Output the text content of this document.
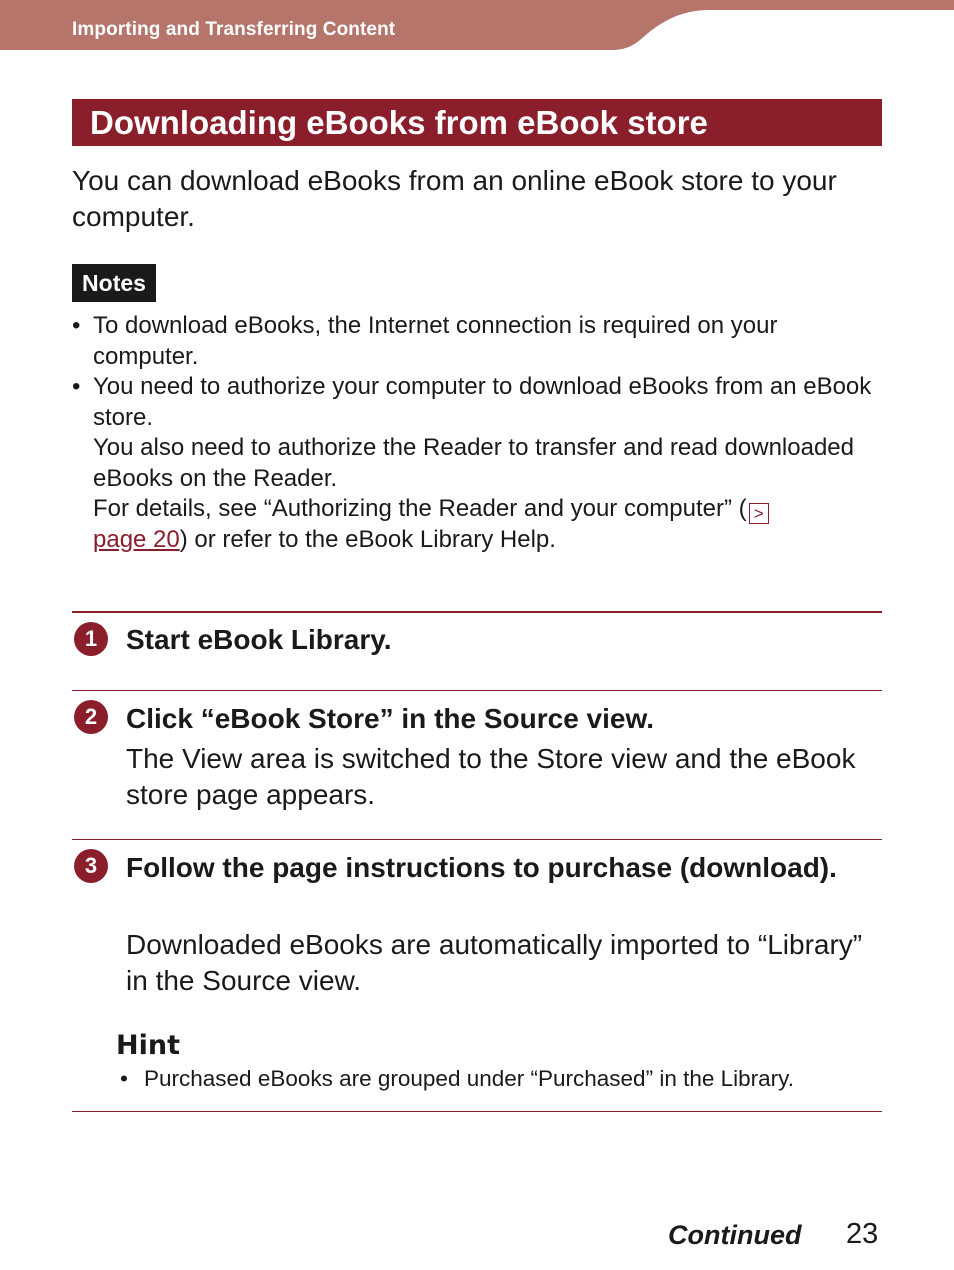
Importing and Transferring Content
Downloading eBooks from eBook store
You can download eBooks from an online eBook store to your computer.
Notes
• To download eBooks, the Internet connection is required on your computer.
• You need to authorize your computer to download eBooks from an eBook store.
You also need to authorize the Reader to transfer and read downloaded eBooks on the Reader.
For details, see “Authorizing the Reader and your computer” ( >
page 20) or refer to the eBook Library Help.
1	Start eBook Library.
2	Click “eBook Store” in the Source view.
The View area is switched to the Store view and the eBook store page appears.
3	Follow the page instructions to purchase (download).
Downloaded eBooks are automatically imported to “Library” in the Source view.
Hint
• Purchased eBooks are grouped under “Purchased” in the Library.
Continued 23
